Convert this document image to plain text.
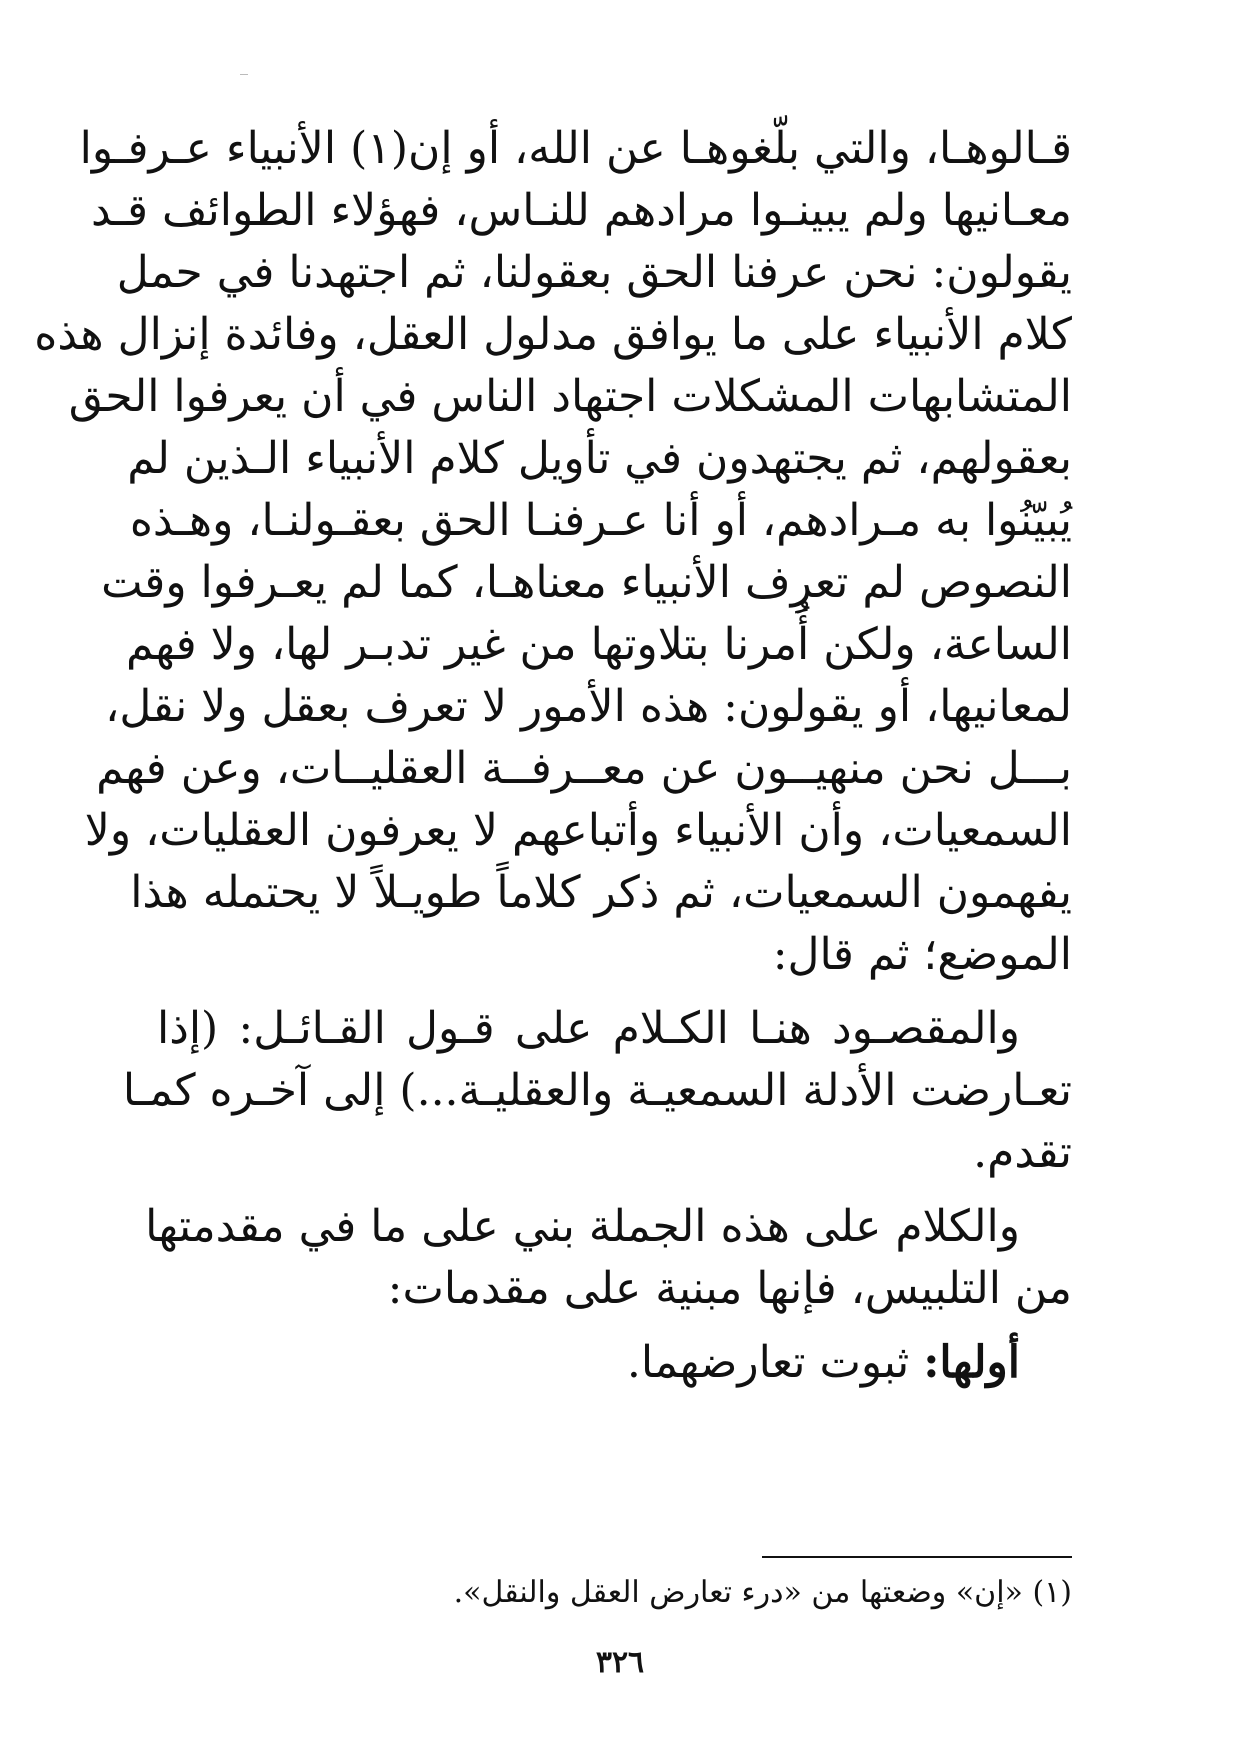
قـالوهـا، والتي بلّغوهـا عن الله، أو إن(١) الأنبياء عـرفـوا
معـانيها ولم يبينـوا مرادهم للنـاس، فهؤلاء الطوائف قـد
يقولون: نحن عرفنا الحق بعقولنا، ثم اجتهدنا في حمل
كلام الأنبياء على ما يوافق مدلول العقل، وفائدة إنزال هذه
المتشابهات المشكلات اجتهاد الناس في أن يعرفوا الحق
بعقولهم، ثم يجتهدون في تأويل كلام الأنبياء الـذين لم
يُبيّنُوا به مـرادهم، أو أنا عـرفنـا الحق بعقـولنـا، وهـذه
النصوص لم تعرِف الأنبياء معناهـا، كما لم يعـرفوا وقت
الساعة، ولكن أُمرنا بتلاوتها من غير تدبـر لها، ولا فهم
لمعانيها، أو يقولون: هذه الأمور لا تعرف بعقل ولا نقل،
بـــل نحن منهيــون عن معــرفــة العقليــات، وعن فهم
السمعيات، وأن الأنبياء وأتباعهم لا يعرفون العقليات، ولا
يفهمون السمعيات، ثم ذكر كلاماً طويـلاً لا يحتمله هذا
الموضع؛ ثم قال:
والمقصـود هنـا الكـلام على قـول القـائـل: (إذا
تعـارضت الأدلة السمعيـة والعقليـة...) إلى آخـره كمـا
تقدم.
والكلام على هذه الجملة بني على ما في مقدمتها
من التلبيس، فإنها مبنية على مقدمات:
أولها: ثبوت تعارضهما.
(١) «إن» وضعتها من «درء تعارض العقل والنقل».
٣٢٦
